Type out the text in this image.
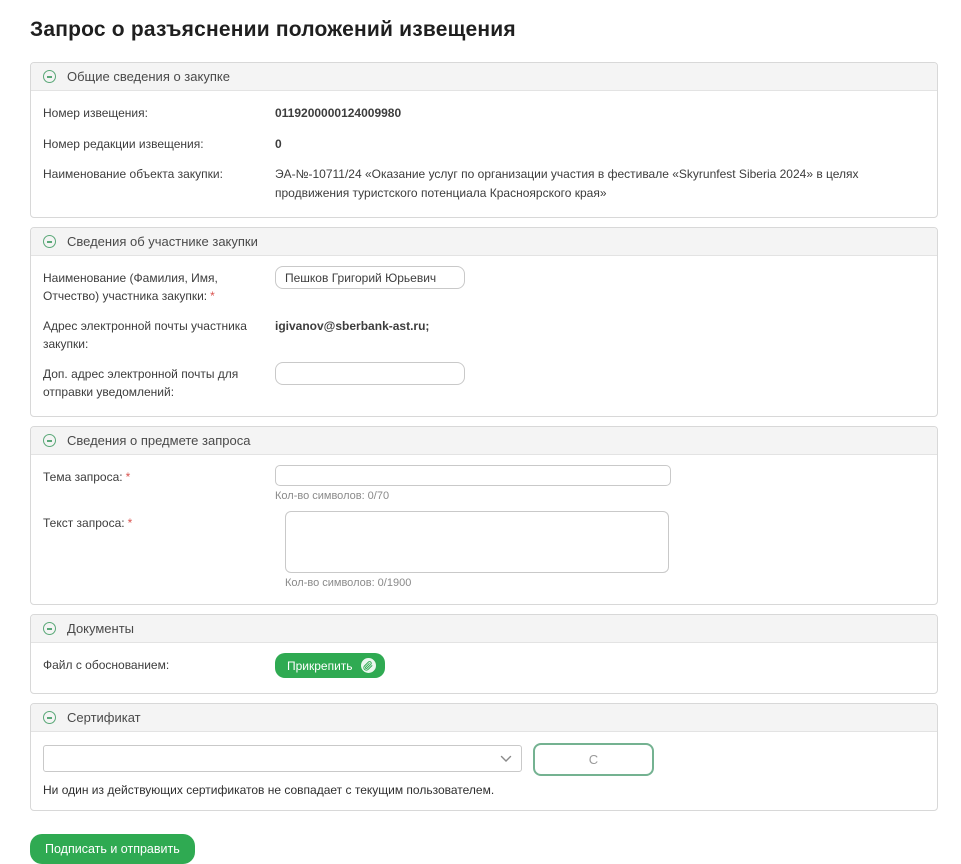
Запрос о разъяснении положений извещения
Общие сведения о закупке
Номер извещения:	0119200000124009980
Номер редакции извещения:	0
Наименование объекта закупки:	ЭА-№-10711/24 «Оказание услуг по организации участия в фестивале «Skyrunfest Siberia 2024» в целях продвижения туристского потенциала Красноярского края»
Сведения об участнике закупки
Наименование (Фамилия, Имя, Отчество) участника закупки: *
Пешков Григорий Юрьевич
Адрес электронной почты участника закупки:
igivanov@sberbank-ast.ru;
Доп. адрес электронной почты для отправки уведомлений:
Сведения о предмете запроса
Тема запроса: *
Кол-во символов: 0/70
Текст запроса: *
Кол-во символов: 0/1900
Документы
Файл с обоснованием:	Прикрепить
Сертификат
C
Ни один из действующих сертификатов не совпадает с текущим пользователем.
Подписать и отправить
